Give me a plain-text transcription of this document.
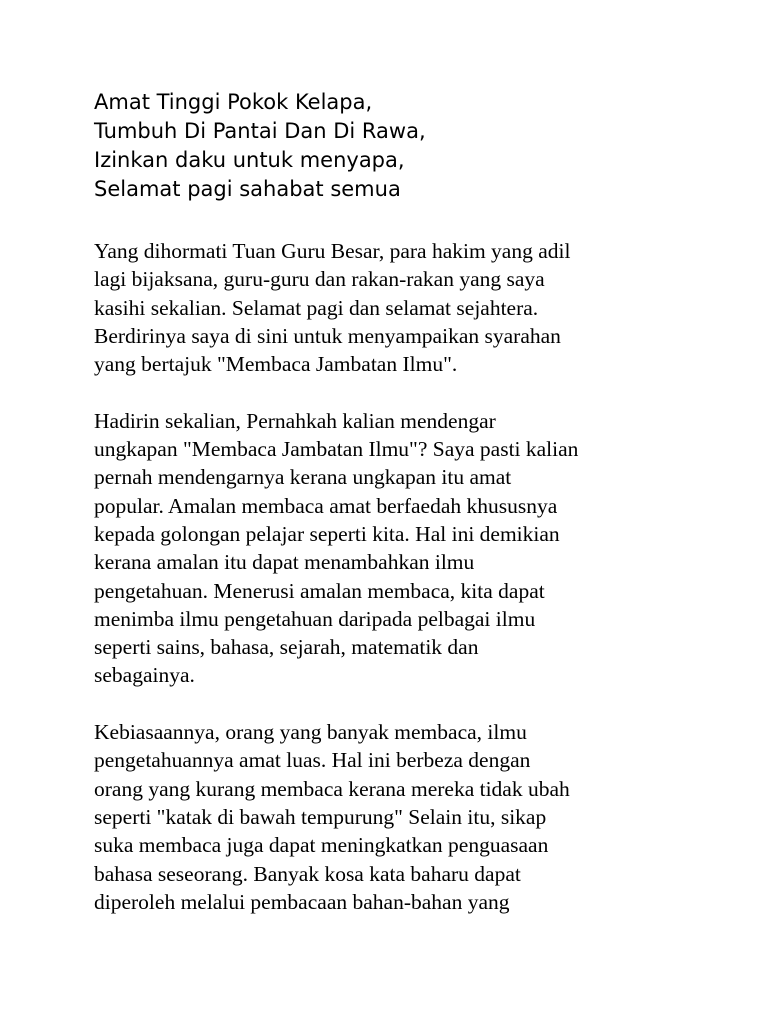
Amat Tinggi Pokok Kelapa,
Tumbuh Di Pantai Dan Di Rawa,
Izinkan daku untuk menyapa,
Selamat pagi sahabat semua
Yang dihormati Tuan Guru Besar, para hakim yang adil
lagi bijaksana, guru-guru dan rakan-rakan yang saya
kasihi sekalian. Selamat pagi dan selamat sejahtera.
Berdirinya saya di sini untuk menyampaikan syarahan
yang bertajuk "Membaca Jambatan Ilmu".
Hadirin sekalian, Pernahkah kalian mendengar
ungkapan "Membaca Jambatan Ilmu"? Saya pasti kalian
pernah mendengarnya kerana ungkapan itu amat
popular. Amalan membaca amat berfaedah khususnya
kepada golongan pelajar seperti kita. Hal ini demikian
kerana amalan itu dapat menambahkan ilmu
pengetahuan. Menerusi amalan membaca, kita dapat
menimba ilmu pengetahuan daripada pelbagai ilmu
seperti sains, bahasa, sejarah, matematik dan
sebagainya.
Kebiasaannya, orang yang banyak membaca, ilmu
pengetahuannya amat luas. Hal ini berbeza dengan
orang yang kurang membaca kerana mereka tidak ubah
seperti "katak di bawah tempurung" Selain itu, sikap
suka membaca juga dapat meningkatkan penguasaan
bahasa seseorang. Banyak kosa kata baharu dapat
diperoleh melalui pembacaan bahan-bahan yang
